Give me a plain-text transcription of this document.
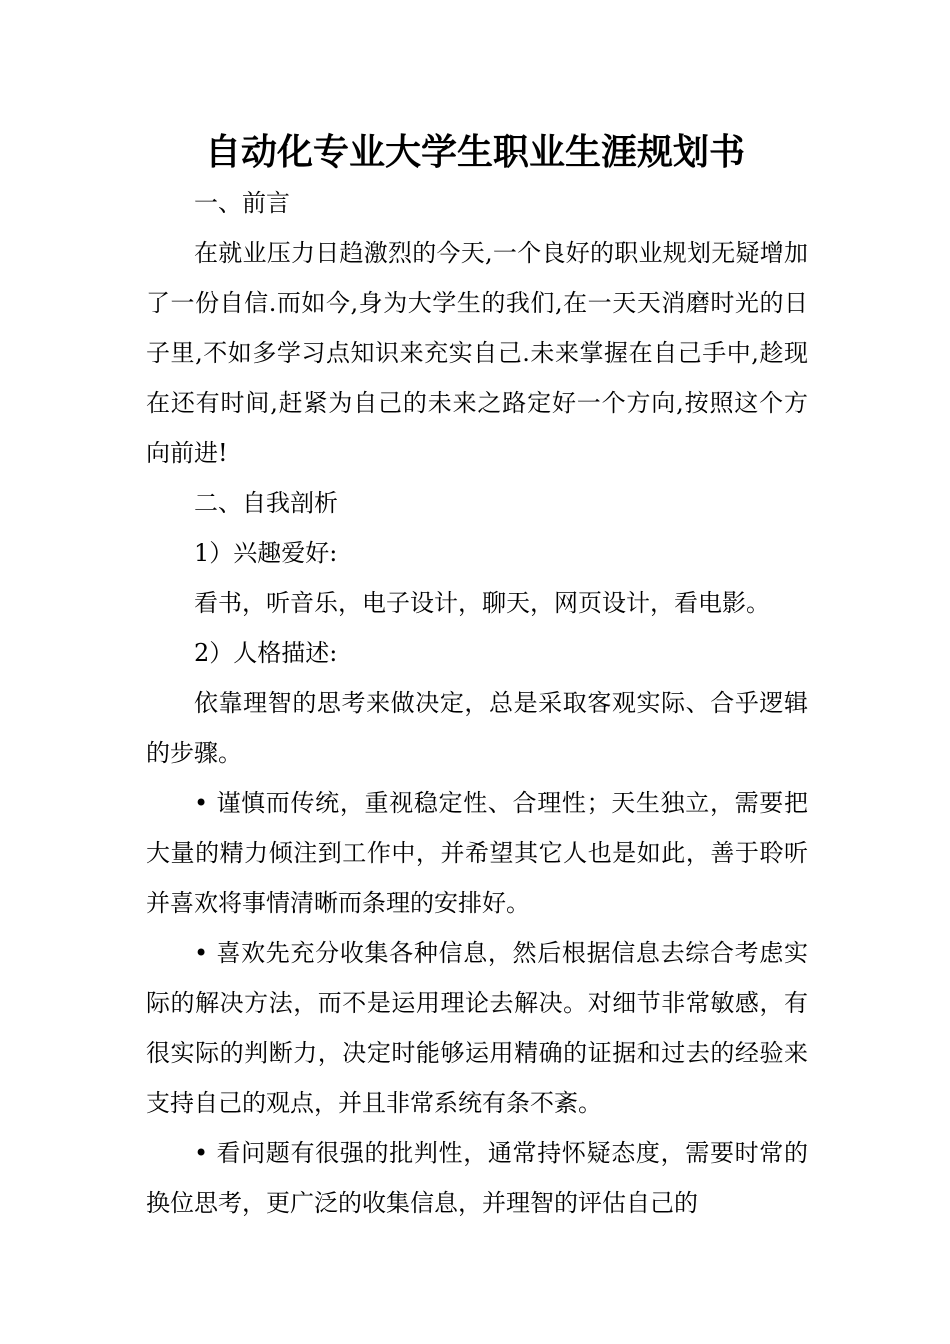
自动化专业大学生职业生涯规划书

一、前言

在就业压力日趋激烈的今天,一个良好的职业规划无疑增加了一份自信.而如今,身为大学生的我们,在一天天消磨时光的日子里,不如多学习点知识来充实自己.未来掌握在自己手中,趁现在还有时间,赶紧为自己的未来之路定好一个方向,按照这个方向前进!

二、自我剖析

1）兴趣爱好:

看书，听音乐，电子设计，聊天，网页设计，看电影。

2）人格描述:

依靠理智的思考来做决定，总是采取客观实际、合乎逻辑的步骤。

• 谨慎而传统，重视稳定性、合理性；天生独立，需要把大量的精力倾注到工作中，并希望其它人也是如此，善于聆听并喜欢将事情清晰而条理的安排好。

• 喜欢先充分收集各种信息，然后根据信息去综合考虑实际的解决方法，而不是运用理论去解决。对细节非常敏感，有很实际的判断力，决定时能够运用精确的证据和过去的经验来支持自己的观点，并且非常系统有条不紊。

• 看问题有很强的批判性，通常持怀疑态度，需要时常的换位思考，更广泛的收集信息，并理智的评估自己的
